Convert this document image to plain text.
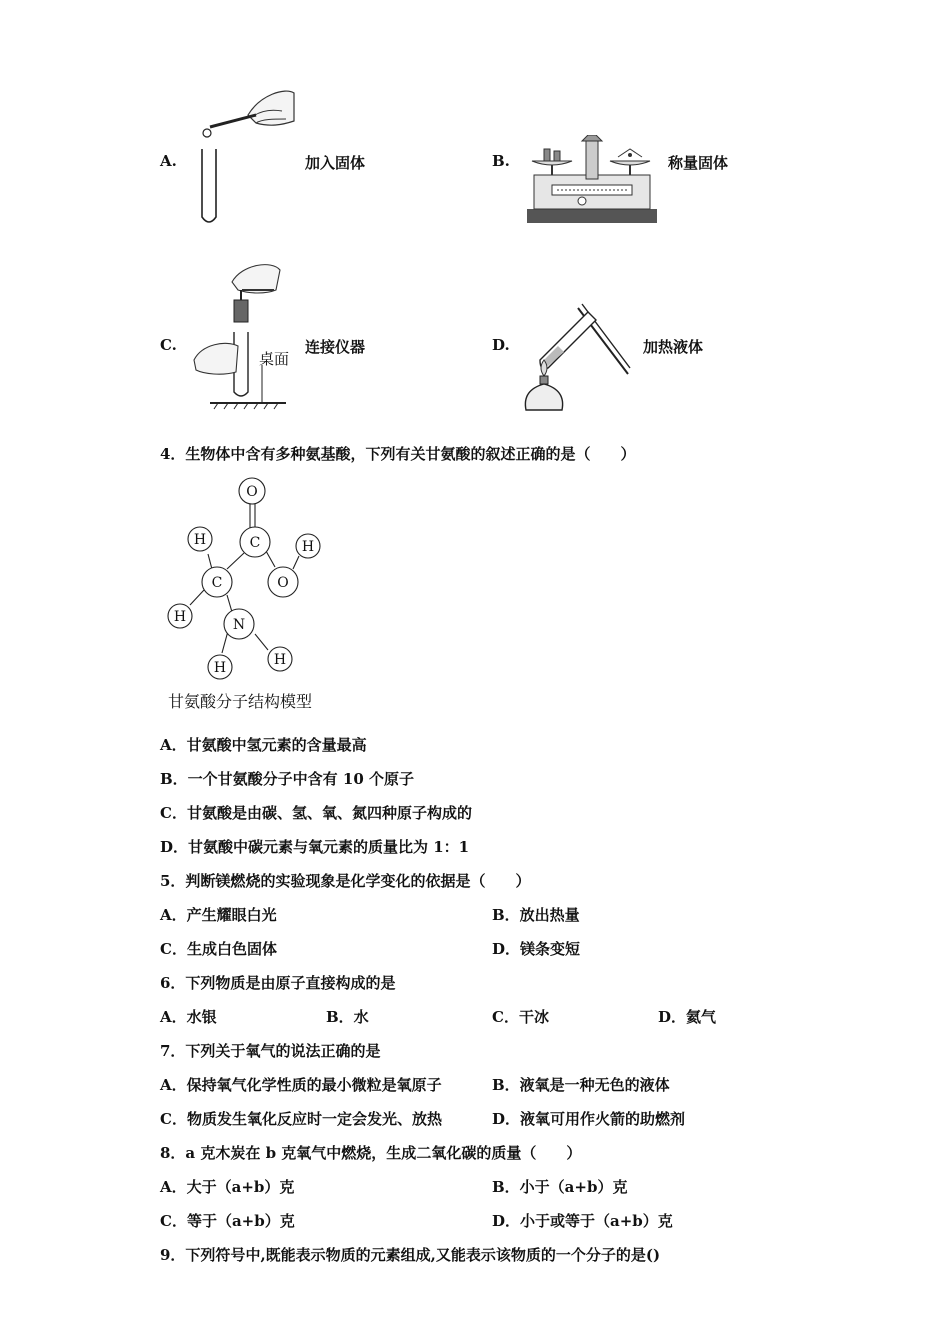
A.	加入固体	B.	称量固体
C.
桌面
连接仪器	D.	加热液体
4．生物体中含有多种氨基酸，下列有关甘氨酸的叙述正确的是（　　）
O
C
H	H
C	O
H	N
H	H
甘氨酸分子结构模型
A．甘氨酸中氢元素的含量最高
B．一个甘氨酸分子中含有 10 个原子
C．甘氨酸是由碳、氢、氧、氮四种原子构成的
D．甘氨酸中碳元素与氧元素的质量比为 1：1
5．判断镁燃烧的实验现象是化学变化的依据是（　　）
A．产生耀眼白光	B．放出热量
C．生成白色固体	D．镁条变短
6．下列物质是由原子直接构成的是
A．水银	B．水	C．干冰	D．氦气
7．下列关于氧气的说法正确的是
A．保持氧气化学性质的最小微粒是氧原子	B．液氧是一种无色的液体
C．物质发生氧化反应时一定会发光、放热	D．液氧可用作火箭的助燃剂
8．a 克木炭在 b 克氧气中燃烧，生成二氧化碳的质量（　　）
A．大于（a+b）克	B．小于（a+b）克
C．等于（a+b）克	D．小于或等于（a+b）克
9．下列符号中,既能表示物质的元素组成,又能表示该物质的一个分子的是()
